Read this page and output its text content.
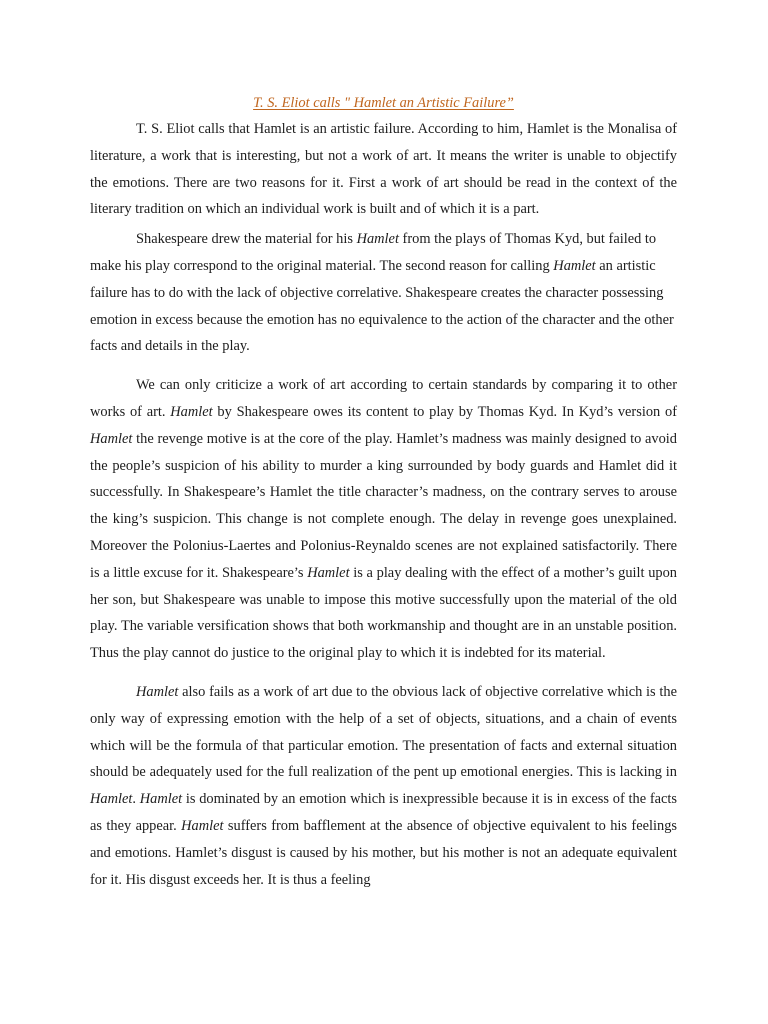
T. S. Eliot calls " Hamlet an Artistic Failure”

T. S. Eliot calls that Hamlet is an artistic failure. According to him, Hamlet is the Monalisa of literature, a work that is interesting, but not a work of art. It means the writer is unable to objectify the emotions. There are two reasons for it. First a work of art should be read in the context of the literary tradition on which an individual work is built and of which it is a part.

Shakespeare drew the material for his Hamlet from the plays of Thomas Kyd, but failed to make his play correspond to the original material. The second reason for calling Hamlet an artistic failure has to do with the lack of objective correlative. Shakespeare creates the character possessing emotion in excess because the emotion has no equivalence to the action of the character and the other facts and details in the play.

We can only criticize a work of art according to certain standards by comparing it to other works of art. Hamlet by Shakespeare owes its content to play by Thomas Kyd. In Kyd’s version of Hamlet the revenge motive is at the core of the play. Hamlet’s madness was mainly designed to avoid the people’s suspicion of his ability to murder a king surrounded by body guards and Hamlet did it successfully. In Shakespeare’s Hamlet the title character’s madness, on the contrary serves to arouse the king’s suspicion. This change is not complete enough. The delay in revenge goes unexplained. Moreover the Polonius-Laertes and Polonius-Reynaldo scenes are not explained satisfactorily. There is a little excuse for it. Shakespeare’s Hamlet is a play dealing with the effect of a mother’s guilt upon her son, but Shakespeare was unable to impose this motive successfully upon the material of the old play. The variable versification shows that both workmanship and thought are in an unstable position. Thus the play cannot do justice to the original play to which it is indebted for its material.

Hamlet also fails as a work of art due to the obvious lack of objective correlative which is the only way of expressing emotion with the help of a set of objects, situations, and a chain of events which will be the formula of that particular emotion. The presentation of facts and external situation should be adequately used for the full realization of the pent up emotional energies. This is lacking in Hamlet. Hamlet is dominated by an emotion which is inexpressible because it is in excess of the facts as they appear. Hamlet suffers from bafflement at the absence of objective equivalent to his feelings and emotions. Hamlet’s disgust is caused by his mother, but his mother is not an adequate equivalent for it. His disgust exceeds her. It is thus a feeling
